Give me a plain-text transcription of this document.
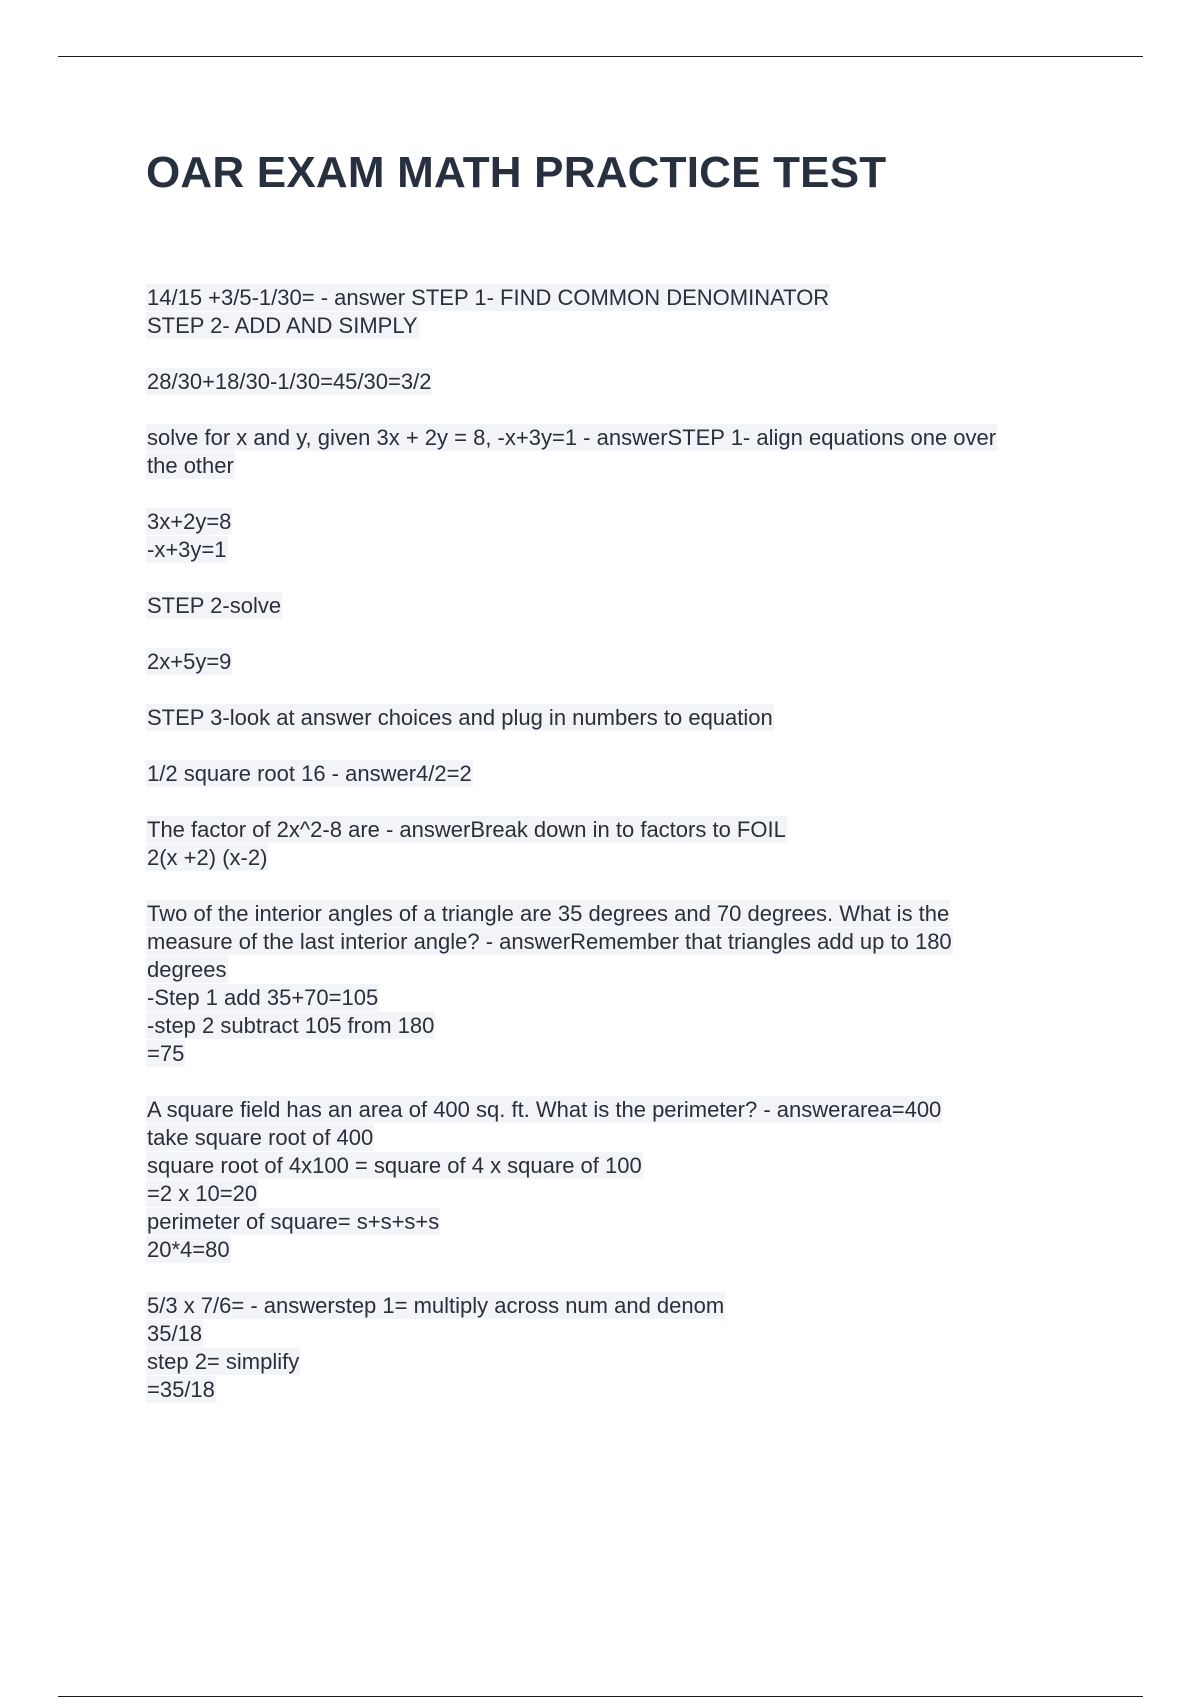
OAR EXAM MATH PRACTICE TEST
14/15 +3/5-1/30= - answer STEP 1- FIND COMMON DENOMINATOR
STEP 2- ADD AND SIMPLY
28/30+18/30-1/30=45/30=3/2
solve for x and y, given 3x + 2y = 8, -x+3y=1 - answerSTEP 1- align equations one over
the other
3x+2y=8
-x+3y=1
STEP 2-solve
2x+5y=9
STEP 3-look at answer choices and plug in numbers to equation
1/2 square root 16 - answer4/2=2
The factor of 2x^2-8 are - answerBreak down in to factors to FOIL
2(x +2) (x-2)
Two of the interior angles of a triangle are 35 degrees and 70 degrees. What is the
measure of the last interior angle? - answerRemember that triangles add up to 180
degrees
-Step 1 add 35+70=105
-step 2 subtract 105 from 180
=75
A square field has an area of 400 sq. ft. What is the perimeter? - answerarea=400
take square root of 400
square root of 4x100 = square of 4 x square of 100
=2 x 10=20
perimeter of square= s+s+s+s
20*4=80
5/3 x 7/6= - answerstep 1= multiply across num and denom
35/18
step 2= simplify
=35/18
